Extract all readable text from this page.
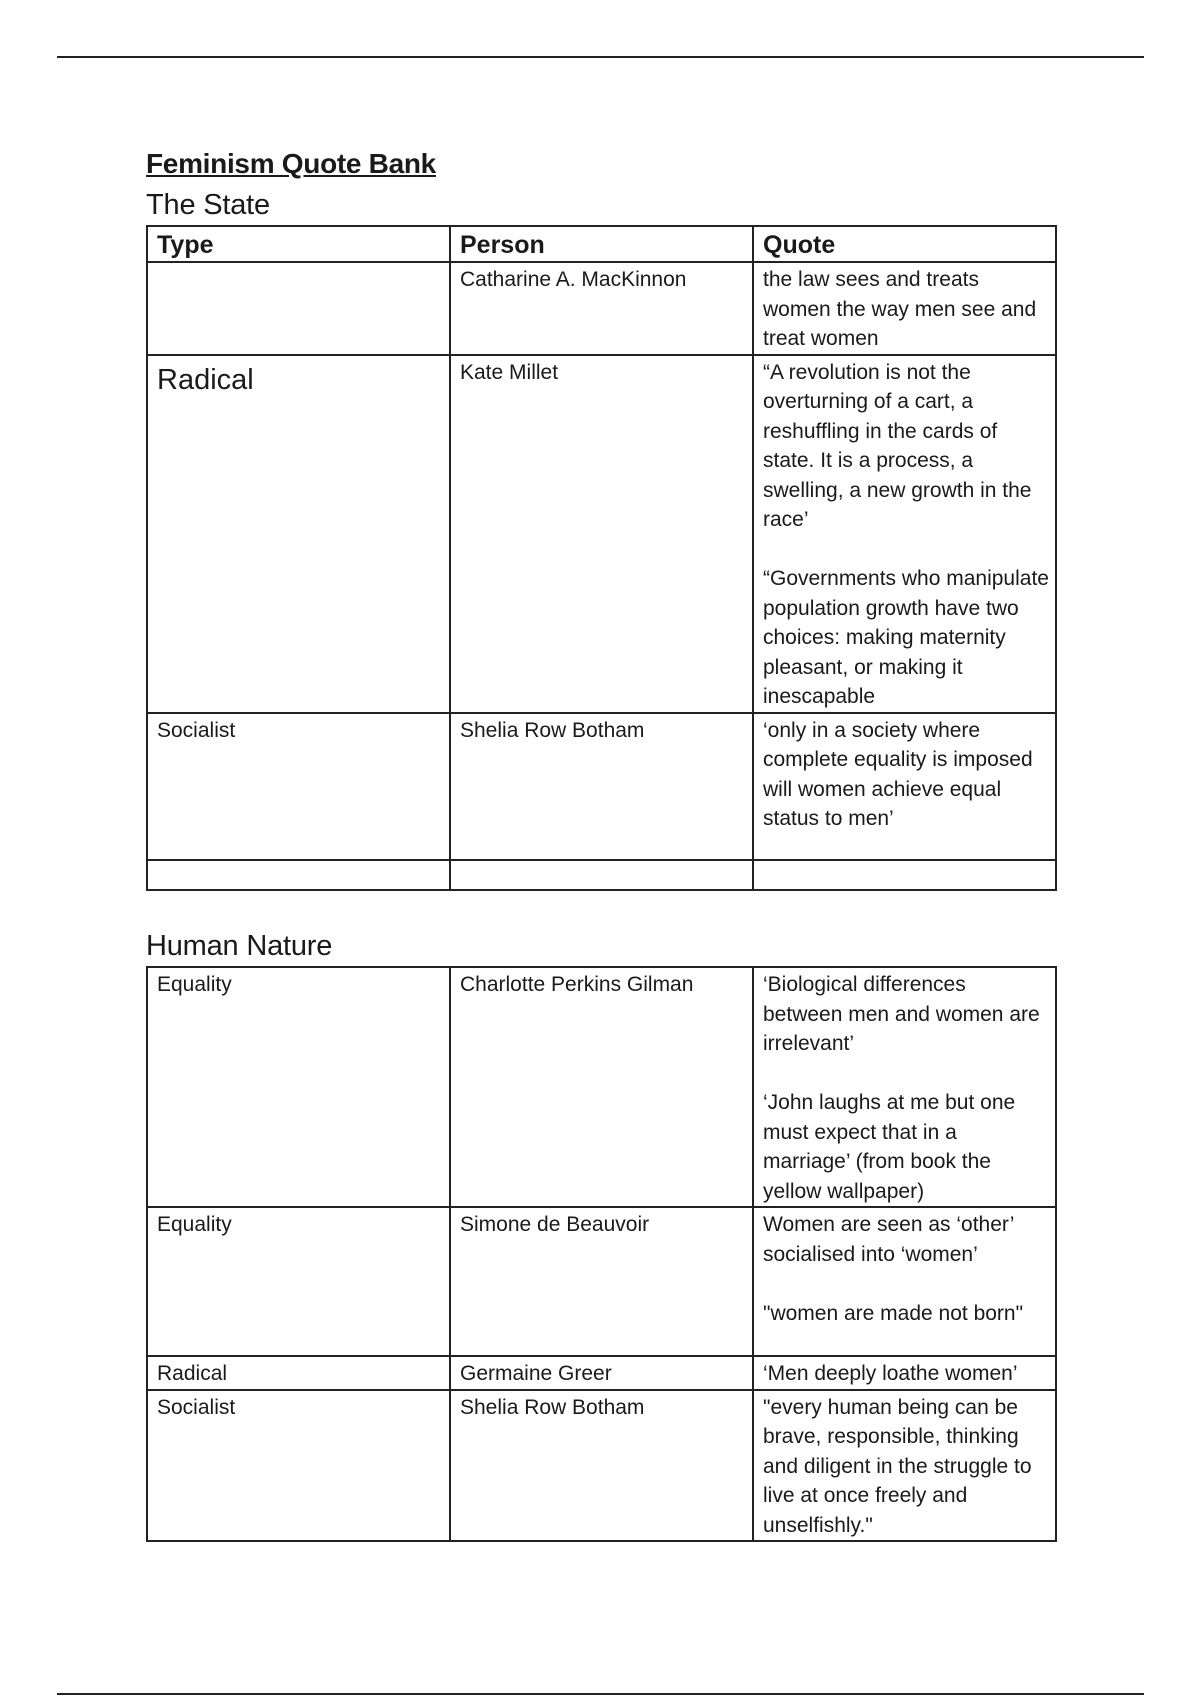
Feminism Quote Bank
The State
Type	Person	Quote
	Catharine A. MacKinnon	the law sees and treats women the way men see and treat women
Radical	Kate Millet	“A revolution is not the overturning of a cart, a reshuffling in the cards of state. It is a process, a swelling, a new growth in the race’

“Governments who manipulate population growth have two choices: making maternity pleasant, or making it inescapable
Socialist	Shelia Row Botham	‘only in a society where complete equality is imposed will women achieve equal status to men’

Human Nature
Equality	Charlotte Perkins Gilman	‘Biological differences between men and women are irrelevant’

‘John laughs at me but one must expect that in a marriage’ (from book the yellow wallpaper)
Equality	Simone de Beauvoir	Women are seen as ‘other’ socialised into ‘women’

"women are made not born"
Radical	Germaine Greer	‘Men deeply loathe women’
Socialist	Shelia Row Botham	"every human being can be brave, responsible, thinking and diligent in the struggle to live at once freely and unselfishly."
